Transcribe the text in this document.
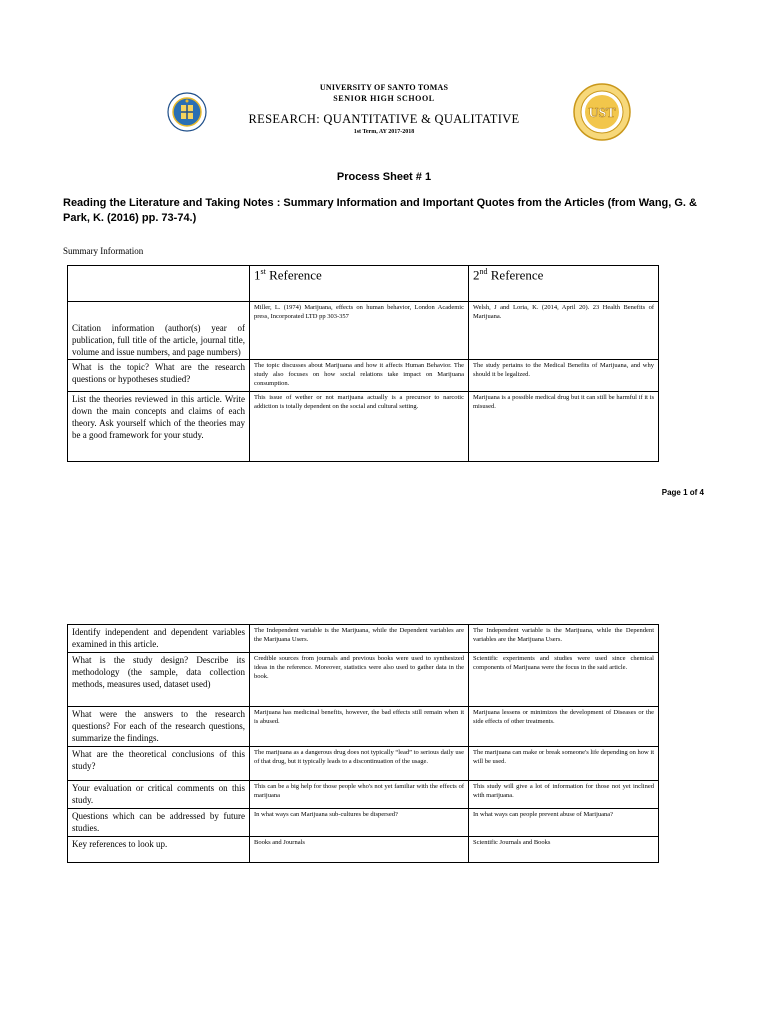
UST
UNIVERSITY OF SANTO TOMAS
SENIOR HIGH SCHOOL
RESEARCH: QUANTITATIVE & QUALITATIVE
1st Term, AY 2017-2018
Process Sheet # 1
Reading the Literature and Taking Notes : Summary Information and Important Quotes from the Articles (from Wang, G. & Park, K. (2016) pp. 73-74.)
Summary Information
	1st Reference	2nd Reference
Citation information (author(s) year of publication, full title of the article, journal title, volume and issue numbers, and page numbers)	Miller, L. (1974) Marijuana, effects on human behavior, London Academic press, Incorporated LTD pp 303-357	Welsh, J and Loria, K. (2014, April 20). 23 Health Benefits of Marijuana.
What is the topic? What are the research questions or hypotheses studied?	The topic discusses about Marijuana and how it affects Human Behavior. The study also focuses on how social relations take impact on Marijuana consumption.	The study pertains to the Medical Benefits of Marijuana, and why should it be legalized.
List the theories reviewed in this article. Write down the main concepts and claims of each theory. Ask yourself which of the theories may be a good framework for your study.	This issue of wether or not marijuana actually is a precursor to narcotic addiction is totally dependent on the social and cultural setting.	Marijuana is a possible medical drug but it can still be harmful if it is misused.
Page 1 of 4
Identify independent and dependent variables examined in this article.	The Independent variable is the Marijuana, while the Dependent variables are the Marijuana Users.	The Independent variable is the Marijuana, while the Dependent variables are the Marijuana Users.
What is the study design? Describe its methodology (the sample, data collection methods, measures used, dataset used)	Credible sources from journals and previous books were used to synthesized ideas in the reference. Moreover, statistics were also used to gather data in the book.	Scientific experiments and studies were used since chemical components of Marijuana were the focus in the said article.
What were the answers to the research questions? For each of the research questions, summarize the findings.	Marijuana has medicinal benefits, however, the bad effects still remain when it is abused.	Marijuana lessens or minimizes the development of Diseases or the side effects of other treatments.
What are the theoretical conclusions of this study?	The marijuana as a dangerous drug does not typically “lead” to serious daily use of that drug, but it typically leads to a discontinuation of the usage.	The marijuana can make or break someone's life depending on how it will be used.
Your evaluation or critical comments on this study.	This can be a big help for those people who's not yet familiar with the effects of marijuana	This study will give a lot of information for those not yet inclined with marijuana.
Questions which can be addressed by future studies.	In what ways can Marijuana sub-cultures be dispersed?	In what ways can people prevent abuse of Marijuana?
Key references to look up.	Books and Journals	Scientific Journals and Books
